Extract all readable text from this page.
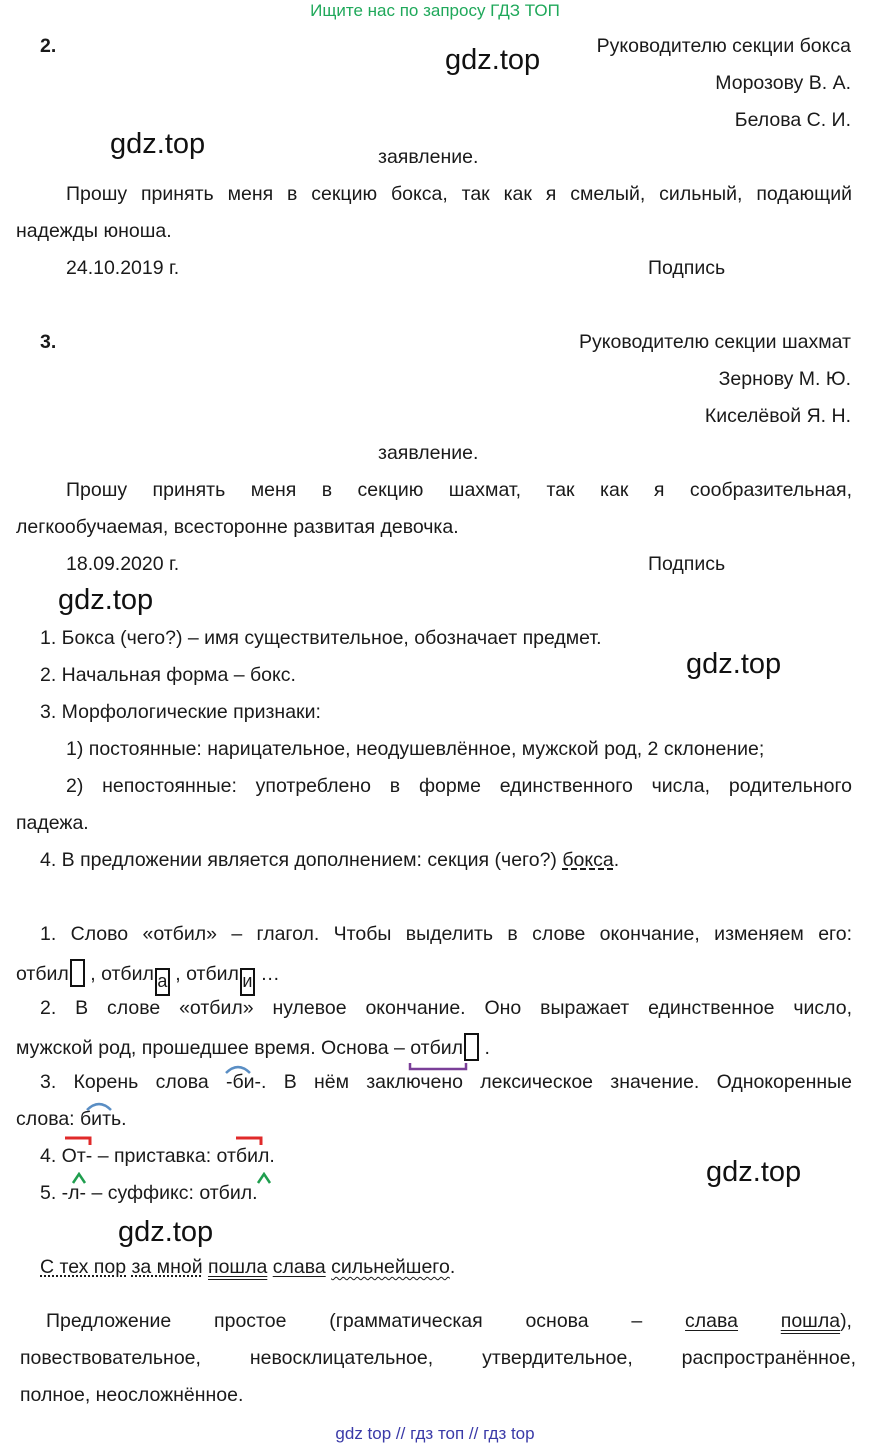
Ищите нас по запросу ГДЗ ТОП
gdz.top
gdz.top
gdz.top
gdz.top
gdz.top
gdz.top
2.	Руководителю секции бокса
Морозову В. А.
Белова С. И.
заявление.
Прошу принять меня в секцию бокса, так как я смелый, сильный, подающий
надежды юноша.
24.10.2019 г.	Подпись
3.	Руководителю секции шахмат
Зернову М. Ю.
Киселёвой Я. Н.
заявление.
Прошу принять меня в секцию шахмат, так как я сообразительная,
легкообучаемая, всесторонне развитая девочка.
18.09.2020 г.	Подпись
1. Бокса (чего?) – имя существительное, обозначает предмет.
2. Начальная форма – бокс.
3. Морфологические признаки:
1) постоянные: нарицательное, неодушевлённое, мужской род, 2 склонение;
2) непостоянные: употреблено в форме единственного числа, родительного
падежа.
4. В предложении является дополнением: секция (чего?) бокса.
1. Слово «отбил» – глагол. Чтобы выделить в слове окончание, изменяем его:
отбил , отбил а , отбил и …
2. В слове «отбил» нулевое окончание. Оно выражает единственное число,
мужской род, прошедшее время. Основа – отбил
.
3. Корень слова -би-. В нём заключено лексическое значение. Однокоренные
слова: бить.
4. От- – приставка: отбил.
5. -л- – суффикс: отбил.
С тех пор за мной пошла слава сильнейшего.
Предложение простое (грамматическая основа – слава пошла),
повествовательное, невосклицательное, утвердительное, распространённое,
полное, неосложнённое.
gdz top // гдз топ // гдз top
